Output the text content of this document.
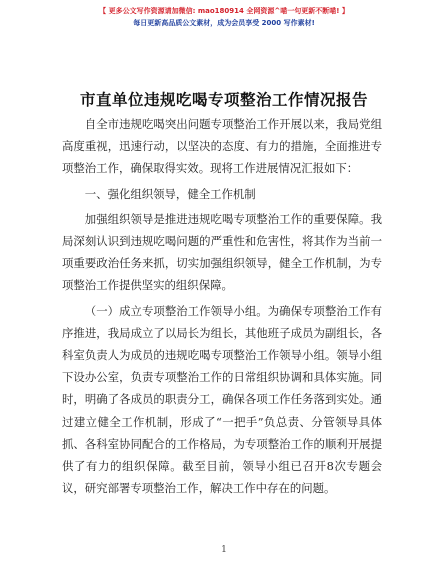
【 更多公文写作资源请加微信: mao180914 全网资源^喵一句更新不断喵! 】
每日更新高品质公文素材，成为会员享受 2000 写作素材!
市直单位违规吃喝专项整治工作情况报告

自全市违规吃喝突出问题专项整治工作开展以来，我局党组高度重视，迅速行动，以坚决的态度、有力的措施，全面推进专项整治工作，确保取得实效。现将工作进展情况汇报如下：

一、强化组织领导，健全工作机制

加强组织领导是推进违规吃喝专项整治工作的重要保障。我局深刻认识到违规吃喝问题的严重性和危害性，将其作为当前一项重要政治任务来抓，切实加强组织领导，健全工作机制，为专项整治工作提供坚实的组织保障。

（一）成立专项整治工作领导小组。为确保专项整治工作有序推进，我局成立了以局长为组长，其他班子成员为副组长，各科室负责人为成员的违规吃喝专项整治工作领导小组。领导小组下设办公室，负责专项整治工作的日常组织协调和具体实施。同时，明确了各成员的职责分工，确保各项工作任务落到实处。通过建立健全工作机制，形成了“一把手”负总责、分管领导具体抓、各科室协同配合的工作格局，为专项整治工作的顺利开展提供了有力的组织保障。截至目前，领导小组已召开8次专题会议，研究部署专项整治工作，解决工作中存在的问题。

1
